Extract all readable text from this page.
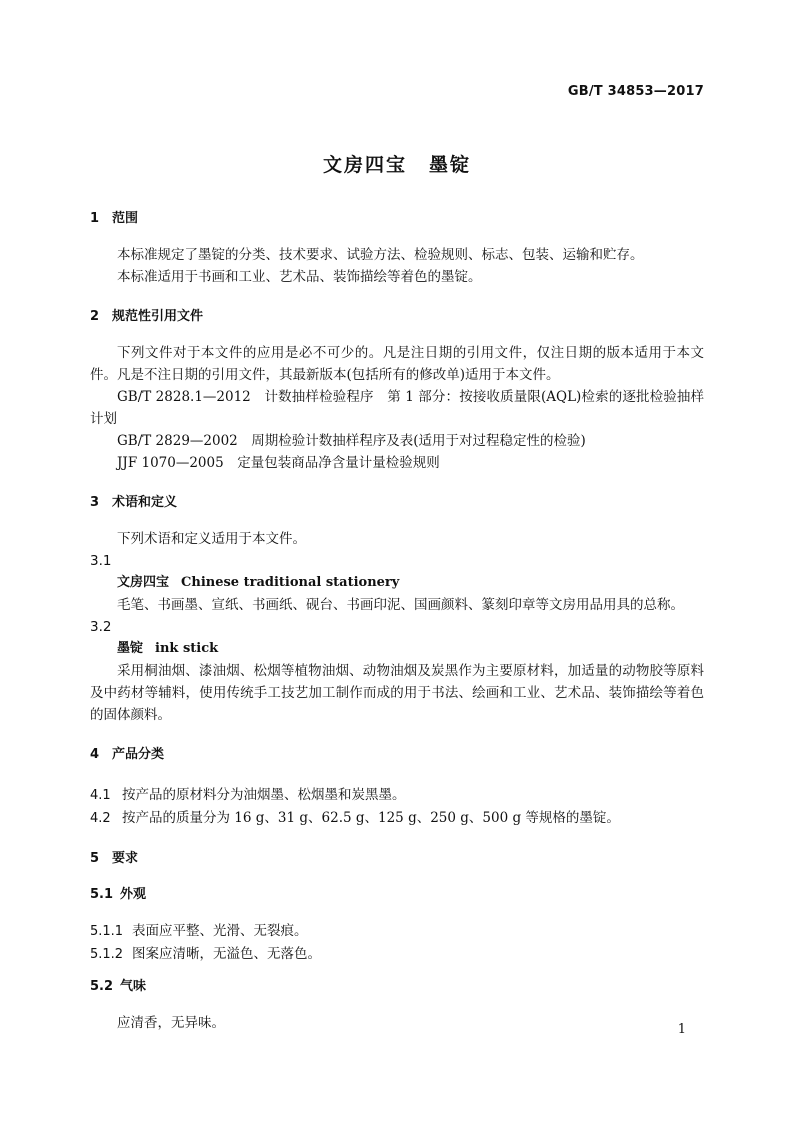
GB/T 34853—2017
文房四宝 墨锭
1 范围

本标准规定了墨锭的分类、技术要求、试验方法、检验规则、标志、包装、运输和贮存。

本标准适用于书画和工业、艺术品、装饰描绘等着色的墨锭。

2 规范性引用文件

下列文件对于本文件的应用是必不可少的。凡是注日期的引用文件，仅注日期的版本适用于本文件。凡是不注日期的引用文件，其最新版本(包括所有的修改单)适用于本文件。

GB/T 2828.1—2012　计数抽样检验程序　第 1 部分：按接收质量限(AQL)检索的逐批检验抽样计划

GB/T 2829—2002　周期检验计数抽样程序及表(适用于对过程稳定性的检验)

JJF 1070—2005　定量包装商品净含量计量检验规则

3 术语和定义

下列术语和定义适用于本文件。

3.1

文房四宝 Chinese traditional stationery

毛笔、书画墨、宣纸、书画纸、砚台、书画印泥、国画颜料、篆刻印章等文房用品用具的总称。

3.2

墨锭 ink stick

采用桐油烟、漆油烟、松烟等植物油烟、动物油烟及炭黑作为主要原材料，加适量的动物胶等原料及中药材等辅料，使用传统手工技艺加工制作而成的用于书法、绘画和工业、艺术品、装饰描绘等着色的固体颜料。

4 产品分类

4.1 按产品的原材料分为油烟墨、松烟墨和炭黑墨。

4.2 按产品的质量分为 16 g、31 g、62.5 g、125 g、250 g、500 g 等规格的墨锭。

5 要求
5.1 外观

5.1.1 表面应平整、光滑、无裂痕。

5.1.2 图案应清晰，无溢色、无落色。

5.2 气味

应清香，无异味。	1
